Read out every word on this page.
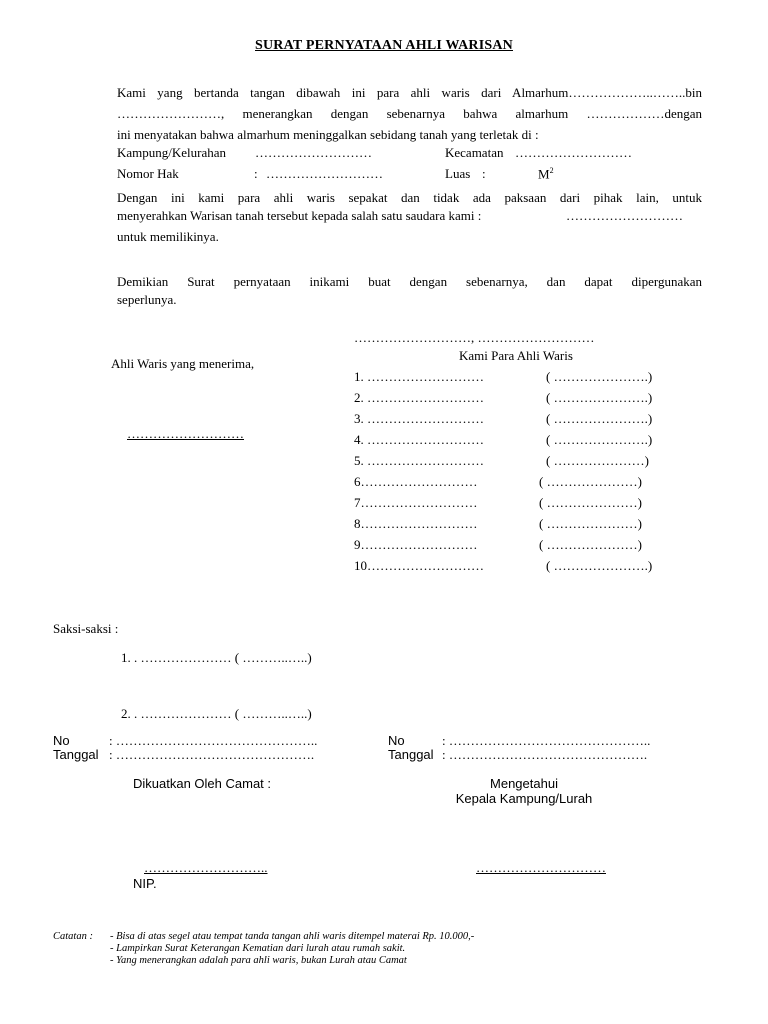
SURAT PERNYATAAN AHLI WARISAN
Kami yang bertanda tangan dibawah ini para ahli waris dari Almarhum………………..……..bin
……………………, menerangkan dengan sebenarnya bahwa almarhum ………………dengan
ini menyatakan bahwa almarhum meninggalkan sebidang tanah yang terletak di :
Kampung/Kelurahan ………………………	Kecamatan ………………………
Nomor Hak	: ………………………	Luas :	$M^2$
Dengan ini kami para ahli waris sepakat dan tidak ada paksaan dari pihak lain, untuk
menyerahkan Warisan tanah tersebut kepada salah satu saudara kami :	………………………
untuk memilikinya.
Demikian Surat pernyataan inikami buat dengan sebenarnya, dan dapat dipergunakan
seperlunya.
………………………, ………………………
Ahli Waris yang menerima,
………………………
Kami Para Ahli Waris
1. ………………………	( ………………….)
2. ………………………	( ………………….)
3. ………………………	( ………………….)
4. ………………………	( ………………….)
5. ………………………	( …………………)
6………………………	( …………………)
7………………………	( …………………)
8………………………	( …………………)
9………………………	( …………………)
10………………………	( ………………….)
Saksi-saksi :
1. . ………………… ( ………..…..)
2. . ………………… ( ………..…..)
No	: ………………………………………..
Tanggal : ……………………………………….
No	: ………………………………………..
Tanggal : ……………………………………….
Dikuatkan Oleh Camat :
………………………..
NIP.
Mengetahui
Kepala Kampung/Lurah
…………………………
Catatan : - Bisa di atas segel atau tempat tanda tangan ahli waris ditempel materai Rp. 10.000,-
- Lampirkan Surat Keterangan Kematian dari lurah atau rumah sakit.
- Yang menerangkan adalah para ahli waris, bukan Lurah atau Camat
